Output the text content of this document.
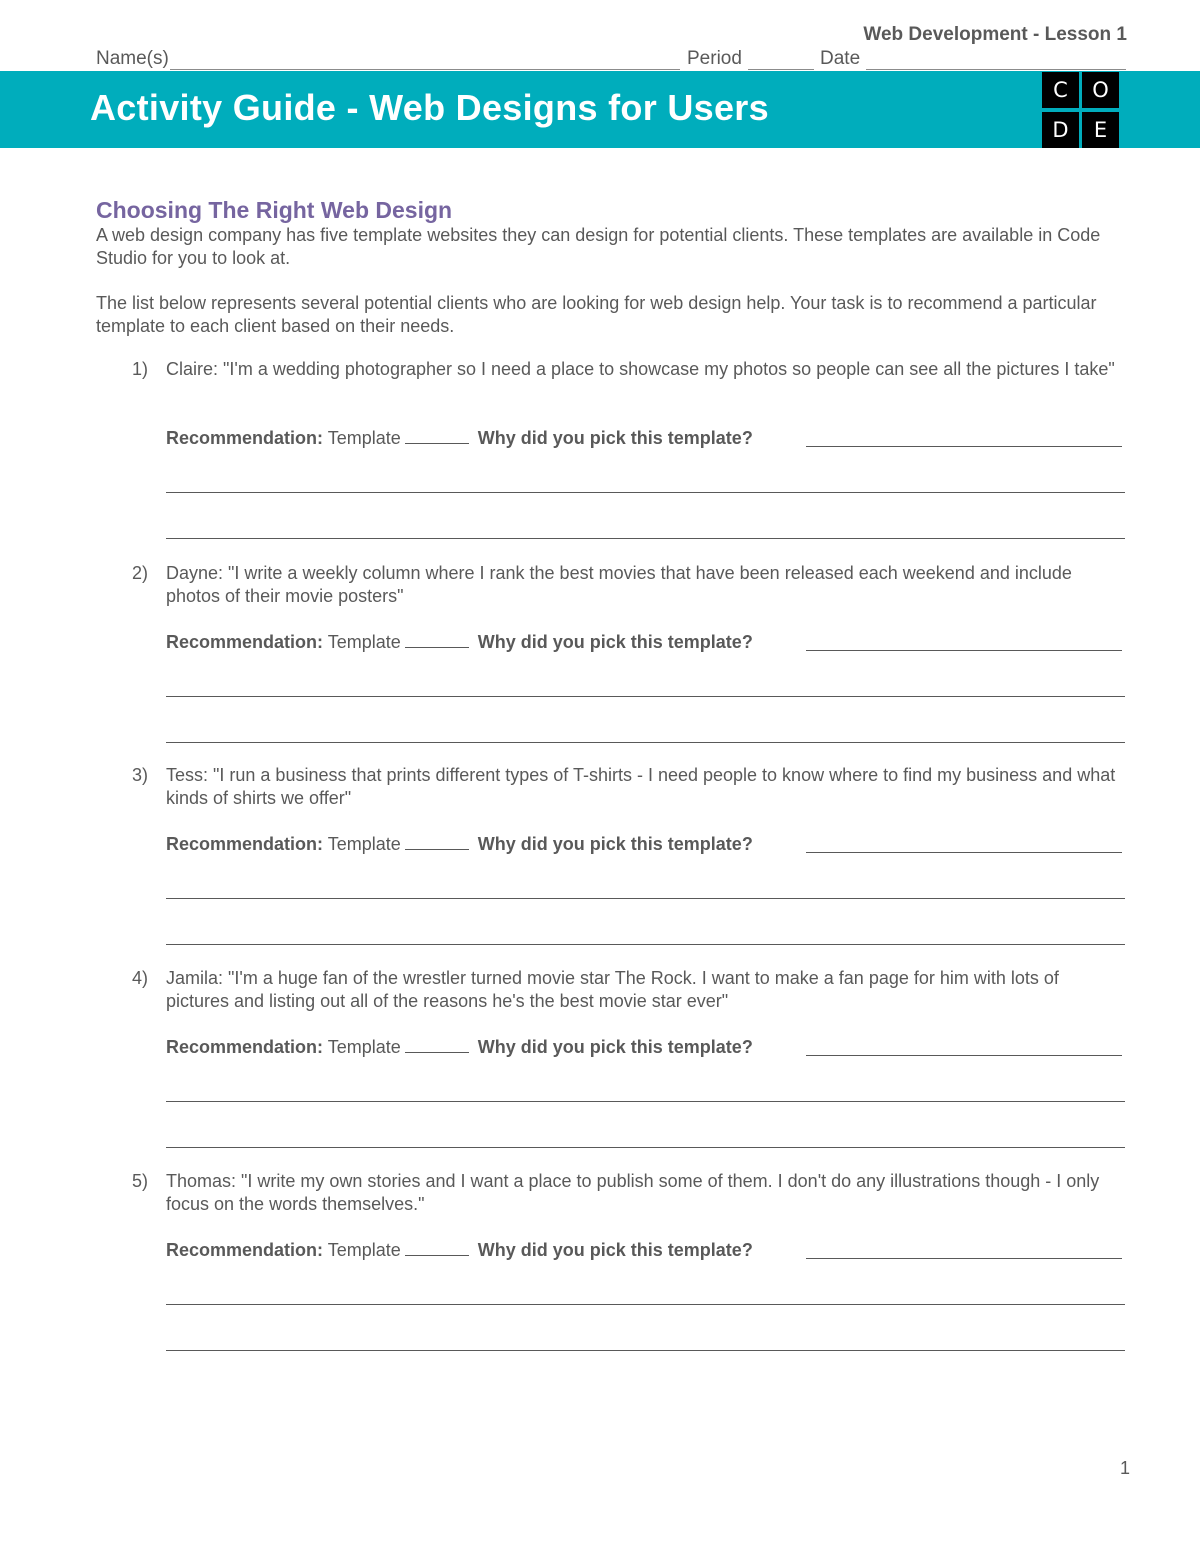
Web Development - Lesson 1
Name(s)	Period	Date
Activity Guide - Web Designs for Users	C	O
D	E
Choosing The Right Web Design

A web design company has five template websites they can design for potential clients. These templates are available in Code Studio for you to look at.

The list below represents several potential clients who are looking for web design help. Your task is to recommend a particular template to each client based on their needs.

1) Claire: "I'm a wedding photographer so I need a place to showcase my photos so people can see all the pictures I take"
Recommendation: Template	Why did you pick this template?
2) Dayne: "I write a weekly column where I rank the best movies that have been released each weekend and include photos of their movie posters"
Recommendation: Template	Why did you pick this template?
3) Tess: "I run a business that prints different types of T-shirts - I need people to know where to find my business and what kinds of shirts we offer"
Recommendation: Template	Why did you pick this template?
4) Jamila: "I'm a huge fan of the wrestler turned movie star The Rock. I want to make a fan page for him with lots of pictures and listing out all of the reasons he's the best movie star ever"
Recommendation: Template	Why did you pick this template?
5) Thomas: "I write my own stories and I want a place to publish some of them. I don't do any illustrations though - I only focus on the words themselves."
Recommendation: Template	Why did you pick this template?
1
